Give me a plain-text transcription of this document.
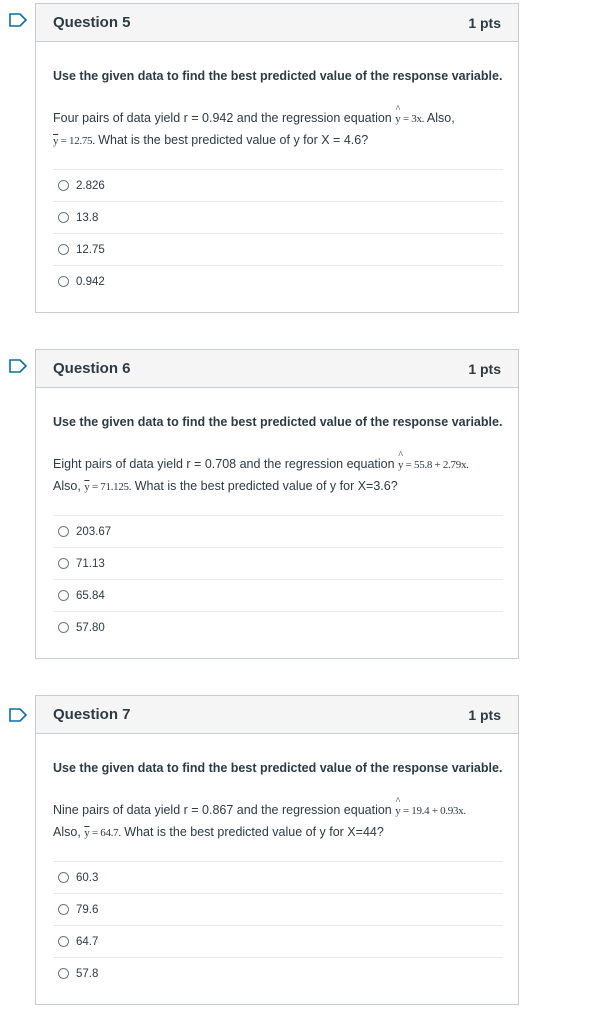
Question 5	1 pts

Use the given data to find the best predicted value of the response variable.

Four pairs of data yield r = 0.942 and the regression equation ^ y = 3x. Also,
$\overline{y} = 12.75$. What is the best predicted value of y for X = 4.6?

2.826
13.8
12.75
0.942
Question 6	1 pts

Use the given data to find the best predicted value of the response variable.

Eight pairs of data yield r = 0.708 and the regression equation ^ y = 55.8 + 2.79x.
Also, $\overline{y} = 71.125$. What is the best predicted value of y for X=3.6?

203.67
71.13
65.84
57.80
Question 7	1 pts

Use the given data to find the best predicted value of the response variable.

Nine pairs of data yield r = 0.867 and the regression equation ^ y = 19.4 + 0.93x.
Also, $\overline{y} = 64.7$. What is the best predicted value of y for X=44?

60.3
79.6
64.7
57.8
